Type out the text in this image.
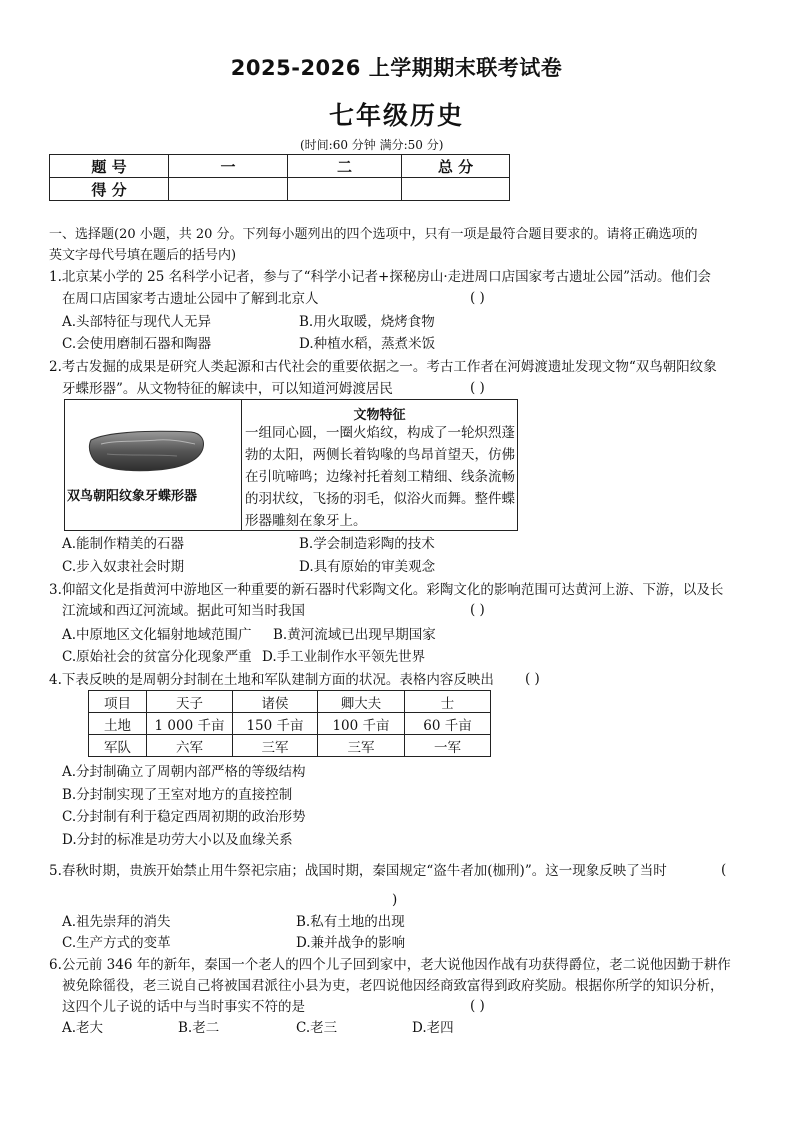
2025-2026 上学期期末联考试卷
七年级历史
(时间:60 分钟 满分:50 分)
题 号	一	二	总 分
得 分			
一、选择题(20 小题，共 20 分。下列每小题列出的四个选项中，只有一项是最符合题目要求的。请将正确选项的
英文字母代号填在题后的括号内)
1.北京某小学的 25 名科学小记者，参与了“科学小记者+探秘房山·走进周口店国家考古遗址公园”活动。他们会
在周口店国家考古遗址公园中了解到北京人	( )
A.头部特征与现代人无异	B.用火取暖，烧烤食物
C.会使用磨制石器和陶器	D.种植水稻，蒸煮米饭
2.考古发掘的成果是研究人类起源和古代社会的重要依据之一。考古工作者在河姆渡遗址发现文物“双鸟朝阳纹象
牙蝶形器”。从文物特征的解读中，可以知道河姆渡居民	( )
双鸟朝阳纹象牙蝶形器
文物特征
一组同心圆，一圈火焰纹，构成了一轮炽烈蓬勃的太阳，两侧长着钩喙的鸟昂首望天，仿佛在引吭啼鸣；边缘衬托着刻工精细、线条流畅的羽状纹，飞扬的羽毛，似浴火而舞。整件蝶形器雕刻在象牙上。
A.能制作精美的石器	B.学会制造彩陶的技术
C.步入奴隶社会时期	D.具有原始的审美观念
3.仰韶文化是指黄河中游地区一种重要的新石器时代彩陶文化。彩陶文化的影响范围可达黄河上游、下游，以及长
江流域和西辽河流域。据此可知当时我国	( )
A.中原地区文化辐射地域范围广 B.黄河流域已出现早期国家
C.原始社会的贫富分化现象严重 D.手工业制作水平领先世界
4.下表反映的是周朝分封制在土地和军队建制方面的状况。表格内容反映出 ( )
项目	天子	诸侯	卿大夫	士
土地	1 000 千亩	150 千亩	100 千亩	60 千亩
军队	六军	三军	三军	一军
A.分封制确立了周朝内部严格的等级结构
B.分封制实现了王室对地方的直接控制
C.分封制有利于稳定西周初期的政治形势
D.分封的标准是功劳大小以及血缘关系
5.春秋时期，贵族开始禁止用牛祭祀宗庙；战国时期，秦国规定“盗牛者加(枷刑)”。这一现象反映了当时	(
)
A.祖先崇拜的消失	B.私有土地的出现
C.生产方式的变革	D.兼并战争的影响
6.公元前 346 年的新年，秦国一个老人的四个儿子回到家中，老大说他因作战有功获得爵位，老二说他因勤于耕作
被免除徭役，老三说自己将被国君派往小县为吏，老四说他因经商致富得到政府奖励。根据你所学的知识分析，
这四个儿子说的话中与当时事实不符的是	( )
A.老大	B.老二	C.老三	D.老四
